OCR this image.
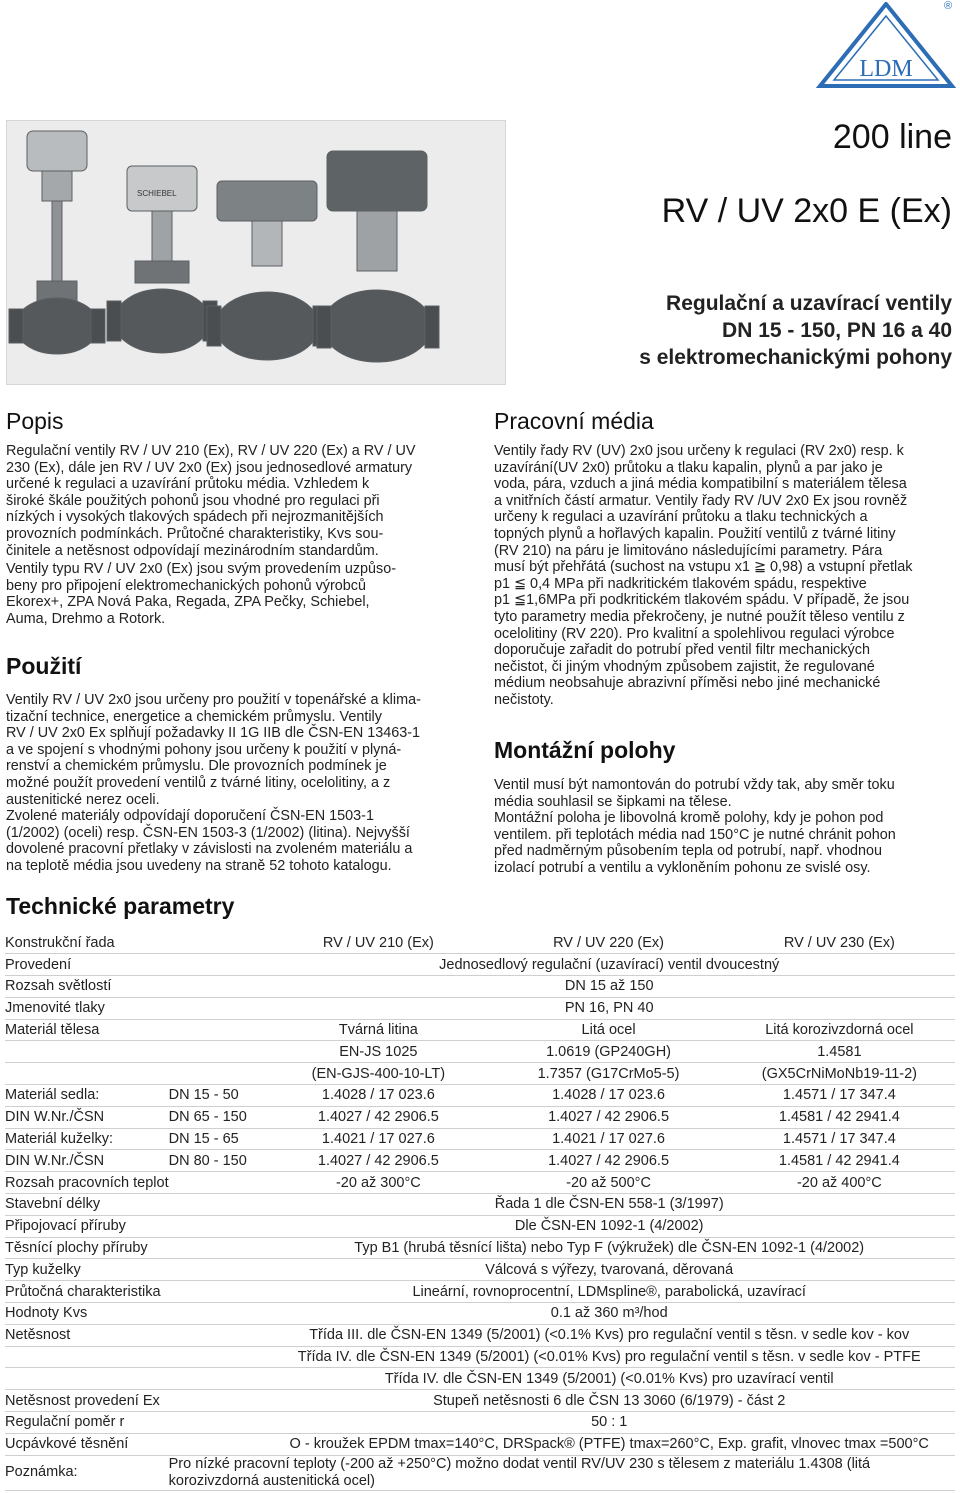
LDM
®
SCHIEBEL
200 line
RV / UV 2x0 E (Ex)
Regulační a uzavírací ventily
DN 15 - 150, PN 16 a 40
s elektromechanickými pohony
Popis
Regulační ventily RV / UV 210 (Ex), RV / UV 220 (Ex) a RV / UV
230 (Ex), dále jen RV / UV 2x0 (Ex) jsou jednosedlové armatury
určené k regulaci a uzavírání průtoku média. Vzhledem k
široké škále použitých pohonů jsou vhodné pro regulaci při
nízkých i vysokých tlakových spádech při nejrozmanitějších
provozních podmínkách. Průtočné charakteristiky, Kvs sou-
činitele a netěsnost odpovídají mezinárodním standardům.
Ventily typu RV / UV 2x0 (Ex) jsou svým provedením uzpůso-
beny pro připojení elektromechanických pohonů výrobců
Ekorex+, ZPA Nová Paka, Regada, ZPA Pečky, Schiebel,
Auma, Drehmo a Rotork.
Použití
Ventily RV / UV 2x0 jsou určeny pro použití v topenářské a klima-
tizační technice, energetice a chemickém průmyslu. Ventily
RV / UV 2x0 Ex splňují požadavky II 1G IIB dle ČSN-EN 13463-1
a ve spojení s vhodnými pohony jsou určeny k použití v plyná-
renství a chemickém průmyslu. Dle provozních podmínek je
možné použít provedení ventilů z tvárné litiny, ocelolitiny, a z
austenitické nerez oceli.
Zvolené materiály odpovídají doporučení ČSN-EN 1503-1
(1/2002) (oceli) resp. ČSN-EN 1503-3 (1/2002) (litina). Nejvyšší
dovolené pracovní přetlaky v závislosti na zvoleném materiálu a
na teplotě média jsou uvedeny na straně 52 tohoto katalogu.
Pracovní média
Ventily řady RV (UV) 2x0 jsou určeny k regulaci (RV 2x0) resp. k
uzavírání(UV 2x0) průtoku a tlaku kapalin, plynů a par jako je
voda, pára, vzduch a jiná média kompatibilní s materiálem tělesa
a vnitřních částí armatur. Ventily řady RV /UV 2x0 Ex jsou rovněž
určeny k regulaci a uzavírání průtoku a tlaku technických a
topných plynů a hořlavých kapalin. Použití ventilů z tvárné litiny
(RV 210) na páru je limitováno následujícími parametry. Pára
musí být přehřátá (suchost na vstupu x1 ≧ 0,98) a vstupní přetlak
p1 ≦ 0,4 MPa při nadkritickém tlakovém spádu, respektive
p1 ≦1,6MPa při podkritickém tlakovém spádu. V případě, že jsou
tyto parametry media překročeny, je nutné použít těleso ventilu z
ocelolitiny (RV 220). Pro kvalitní a spolehlivou regulaci výrobce
doporučuje zařadit do potrubí před ventil filtr mechanických
nečistot, či jiným vhodným způsobem zajistit, že regulované
médium neobsahuje abrazivní příměsi nebo jiné mechanické
nečistoty.
Montážní polohy
Ventil musí být namontován do potrubí vždy tak, aby směr toku
média souhlasil se šipkami na tělese.
Montážní poloha je libovolná kromě polohy, kdy je pohon pod
ventilem. při teplotách média nad 150°C je nutné chránit pohon
před nadměrným působením tepla od potrubí, např. vhodnou
izolací potrubí a ventilu a vykloněním pohonu ze svislé osy.
Technické parametry
Konstrukční řada		RV / UV 210 (Ex)	RV / UV 220 (Ex)	RV / UV 230 (Ex)
Provedení		Jednosedlový regulační (uzavírací) ventil dvoucestný		
Rozsah světlostí		DN 15 až 150		
Jmenovité tlaky		PN 16, PN 40		
Materiál tělesa		Tvárná litina	Litá ocel	Litá korozivzdorná ocel
		EN-JS 1025	1.0619 (GP240GH)	1.4581
		(EN-GJS-400-10-LT)	1.7357 (G17CrMo5-5)	(GX5CrNiMoNb19-11-2)
Materiál sedla:	DN 15 - 50	1.4028 / 17 023.6	1.4028 / 17 023.6	1.4571 / 17 347.4
DIN W.Nr./ČSN	DN 65 - 150	1.4027 / 42 2906.5	1.4027 / 42 2906.5	1.4581 / 42 2941.4
Materiál kuželky:	DN 15 - 65	1.4021 / 17 027.6	1.4021 / 17 027.6	1.4571 / 17 347.4
DIN W.Nr./ČSN	DN 80 - 150	1.4027 / 42 2906.5	1.4027 / 42 2906.5	1.4581 / 42 2941.4
Rozsah pracovních teplot		-20 až 300°C	-20 až 500°C	-20 až 400°C
Stavební délky		Řada 1 dle ČSN-EN 558-1 (3/1997)		
Připojovací příruby		Dle ČSN-EN 1092-1 (4/2002)		
Těsnící plochy příruby		Typ B1 (hrubá těsnící lišta) nebo Typ F (výkružek) dle ČSN-EN 1092-1 (4/2002)		
Typ kuželky		Válcová s výřezy, tvarovaná, děrovaná		
Průtočná charakteristika		Lineární, rovnoprocentní, LDMspline®, parabolická, uzavírací		
Hodnoty Kvs		0.1 až 360 m³/hod		
Netěsnost		Třída III. dle ČSN-EN 1349 (5/2001) (<0.1% Kvs) pro regulační ventil s těsn. v sedle kov - kov		
		Třída IV. dle ČSN-EN 1349 (5/2001) (<0.01% Kvs) pro regulační ventil s těsn. v sedle kov - PTFE		
		Třída IV. dle ČSN-EN 1349 (5/2001) (<0.01% Kvs) pro uzavírací ventil		
Netěsnost provedení Ex		Stupeň netěsnosti 6 dle ČSN 13 3060 (6/1979) - část 2		
Regulační poměr r		50 : 1		
Ucpávkové těsnění		O - kroužek EPDM tmax=140°C, DRSpack® (PTFE) tmax=260°C, Exp. grafit, vlnovec tmax =500°C		
Poznámka:	Pro nízké pracovní teploty (-200 až +250°C) možno dodat ventil RV/UV 230 s tělesem z materiálu 1.4308 (litá korozivzdorná austenitická ocel)			
